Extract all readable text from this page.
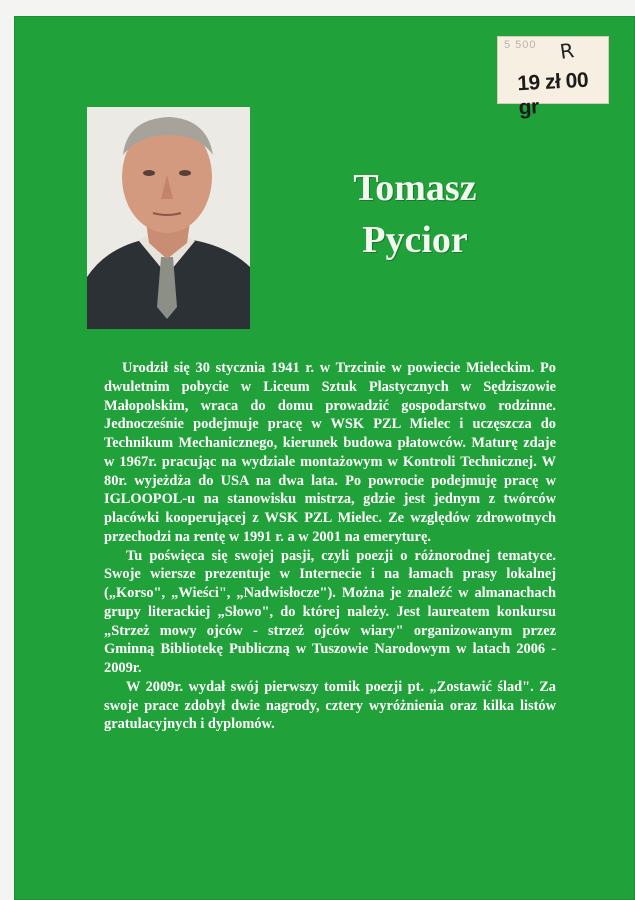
5 500 R
19 zł 00 gr
Tomasz
Pycior

Urodził się 30 stycznia 1941 r. w Trzcinie w powiecie Mieleckim. Po dwuletnim pobycie w Liceum Sztuk Plastycznych w Sędziszowie Małopolskim, wraca do domu prowadzić gospodarstwo rodzinne. Jednocześnie podejmuje pracę w WSK PZL Mielec i uczęszcza do Technikum Mechanicznego, kierunek budowa płatowców. Maturę zdaje w 1967r. pracując na wydziale montażowym w Kontroli Technicznej. W 80r. wyjeżdża do USA na dwa lata. Po powrocie podejmuję pracę w IGLOOPOL-u na stanowisku mistrza, gdzie jest jednym z twórców placówki kooperującej z WSK PZL Mielec. Ze względów zdrowotnych przechodzi na rentę w 1991 r. a w 2001 na emeryturę.

Tu poświęca się swojej pasji, czyli poezji o różnorodnej tematyce. Swoje wiersze prezentuje w Internecie i na łamach prasy lokalnej („Korso", „Wieści", „Nadwisłocze"). Można je znaleźć w almanachach grupy literackiej „Słowo", do której należy. Jest laureatem konkursu „Strzeż mowy ojców - strzeż ojców wiary" organizowanym przez Gminną Bibliotekę Publiczną w Tuszowie Narodowym w latach 2006 - 2009r.

W 2009r. wydał swój pierwszy tomik poezji pt. „Zostawić ślad". Za swoje prace zdobył dwie nagrody, cztery wyróżnienia oraz kilka listów gratulacyjnych i dyplomów.
